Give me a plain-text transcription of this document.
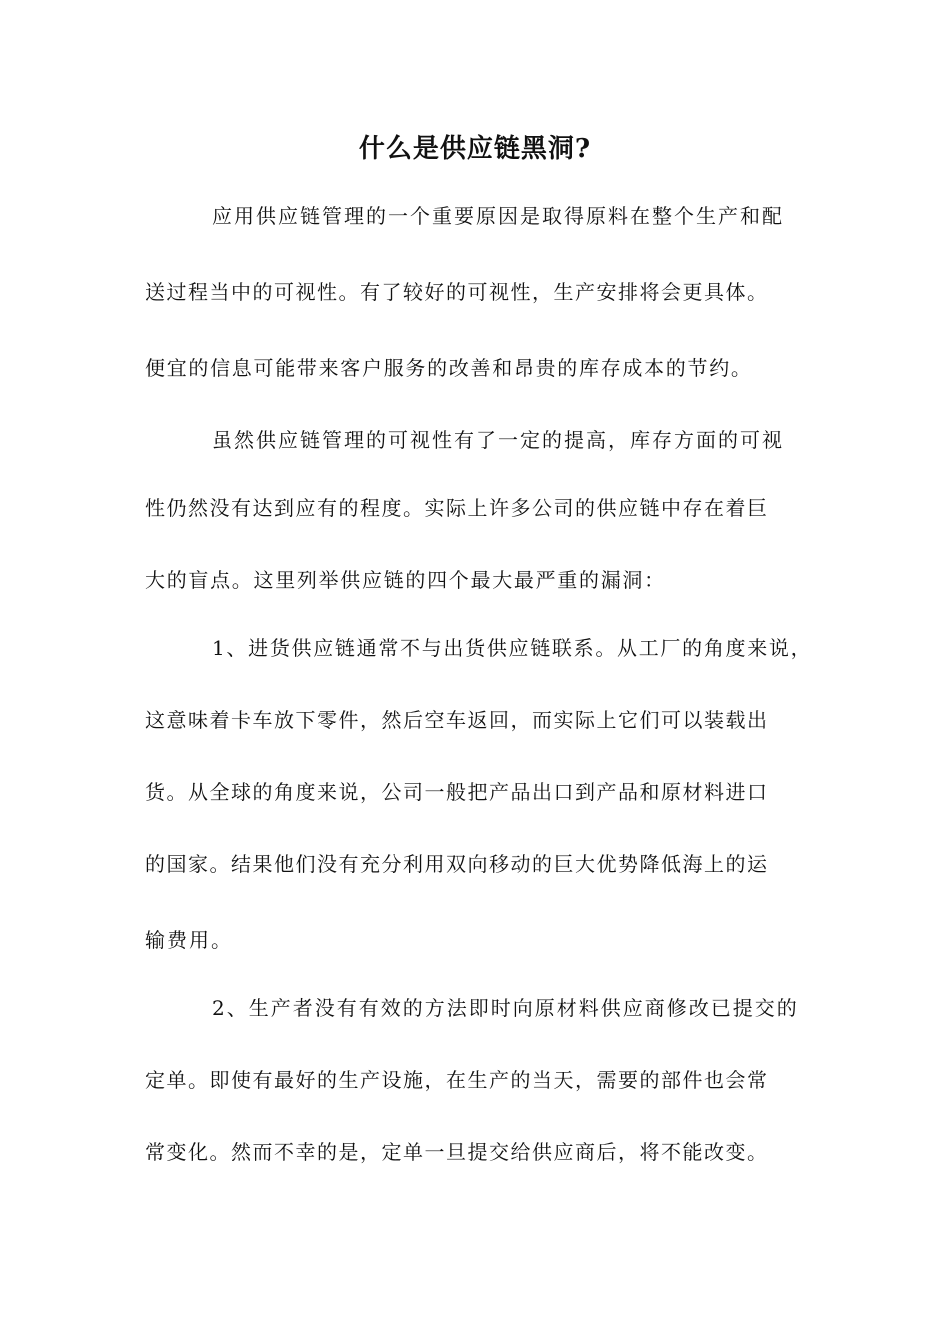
什么是供应链黑洞?

应用供应链管理的一个重要原因是取得原料在整个生产和配

送过程当中的可视性。有了较好的可视性，生产安排将会更具体。

便宜的信息可能带来客户服务的改善和昂贵的库存成本的节约。

虽然供应链管理的可视性有了一定的提高，库存方面的可视

性仍然没有达到应有的程度。实际上许多公司的供应链中存在着巨

大的盲点。这里列举供应链的四个最大最严重的漏洞：

1、进货供应链通常不与出货供应链联系。从工厂的角度来说，

这意味着卡车放下零件，然后空车返回，而实际上它们可以装载出

货。从全球的角度来说，公司一般把产品出口到产品和原材料进口

的国家。结果他们没有充分利用双向移动的巨大优势降低海上的运

输费用。

2、生产者没有有效的方法即时向原材料供应商修改已提交的

定单。即使有最好的生产设施，在生产的当天，需要的部件也会常

常变化。然而不幸的是，定单一旦提交给供应商后，将不能改变。
